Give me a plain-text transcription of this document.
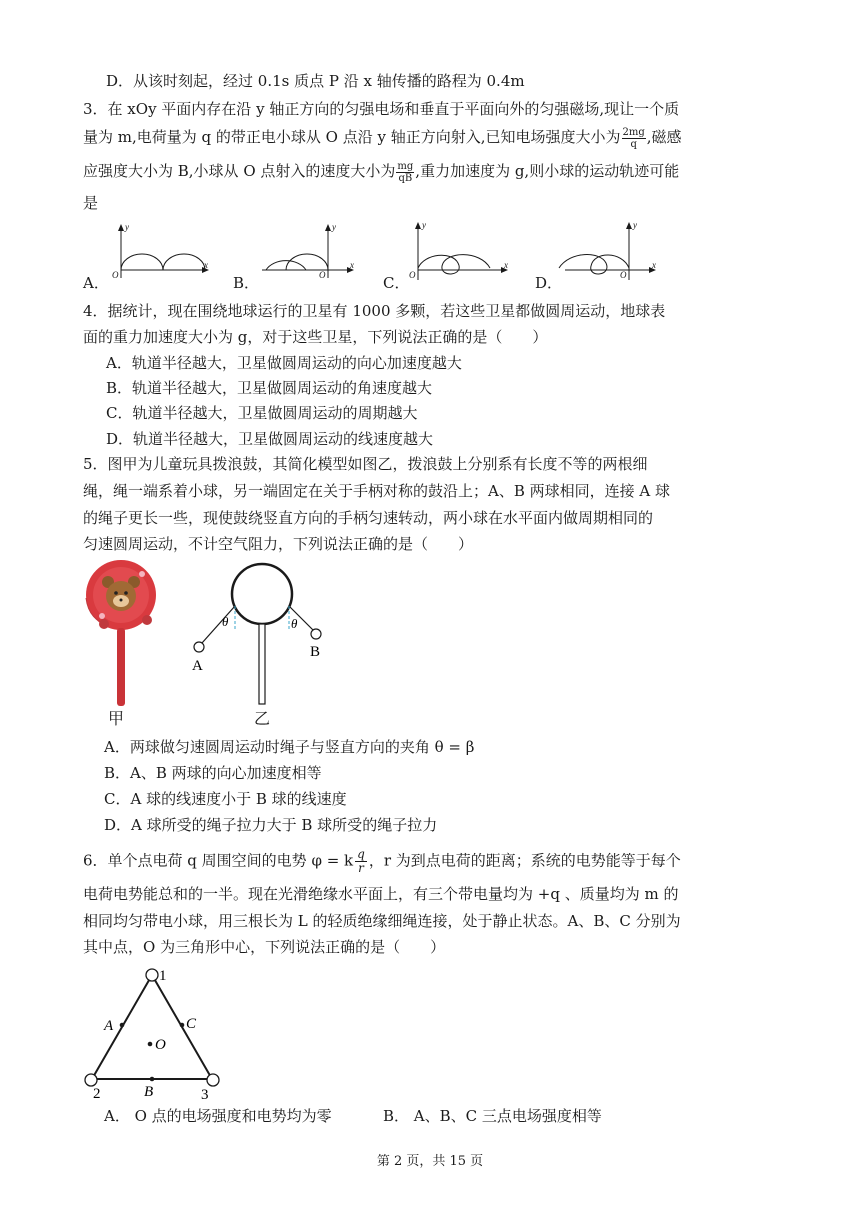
D．从该时刻起，经过 0.1s 质点 P 沿 x 轴传播的路程为 0.4m
3．在 xOy 平面内存在沿 y 轴正方向的匀强电场和垂直于平面向外的匀强磁场,现让一个质
量为 m,电荷量为 q 的带正电小球从 O 点沿 y 轴正方向射入,已知电场强度大小为 $\frac{2mg}{q}$ ,磁感
应强度大小为 B,小球从 O 点射入的速度大小为 $\frac{mg}{qB}$ ,重力加速度为 g,则小球的运动轨迹可能
是
y
x
O
y
x
O
y
x
O
y
x
O
A．	B．	C．	D．
4．据统计，现在围绕地球运行的卫星有 1000 多颗，若这些卫星都做圆周运动，地球表
面的重力加速度大小为 g，对于这些卫星，下列说法正确的是（　　）
A．轨道半径越大，卫星做圆周运动的向心加速度越大
B．轨道半径越大，卫星做圆周运动的角速度越大
C．轨道半径越大，卫星做圆周运动的周期越大
D．轨道半径越大，卫星做圆周运动的线速度越大
5．图甲为儿童玩具拨浪鼓，其简化模型如图乙，拨浪鼓上分别系有长度不等的两根细
绳，绳一端系着小球，另一端固定在关于手柄对称的鼓沿上；A、B 两球相同，连接 A 球
的绳子更长一些，现使鼓绕竖直方向的手柄匀速转动，两小球在水平面内做周期相同的
匀速圆周运动，不计空气阻力，下列说法正确的是（　　）
θ	θ
A
B
甲	乙
A．两球做匀速圆周运动时绳子与竖直方向的夹角 θ = β
B．A、B 两球的向心加速度相等
C．A 球的线速度小于 B 球的线速度
D．A 球所受的绳子拉力大于 B 球所受的绳子拉力
6．单个点电荷 q 周围空间的电势 φ = k $\frac{q}{r}$ ，r 为到点电荷的距离；系统的电势能等于每个
电荷电势能总和的一半。现在光滑绝缘水平面上，有三个带电量均为 +q 、质量均为 m 的
相同均匀带电小球，用三根长为 L 的轻质绝缘细绳连接，处于静止状态。A、B、C 分别为
其中点，O 为三角形中心，下列说法正确的是（　　）
1
2	3
A	C
B
O
A． O 点的电场强度和电势均为零	B． A、B、C 三点电场强度相等
第 2 页，共 15 页
